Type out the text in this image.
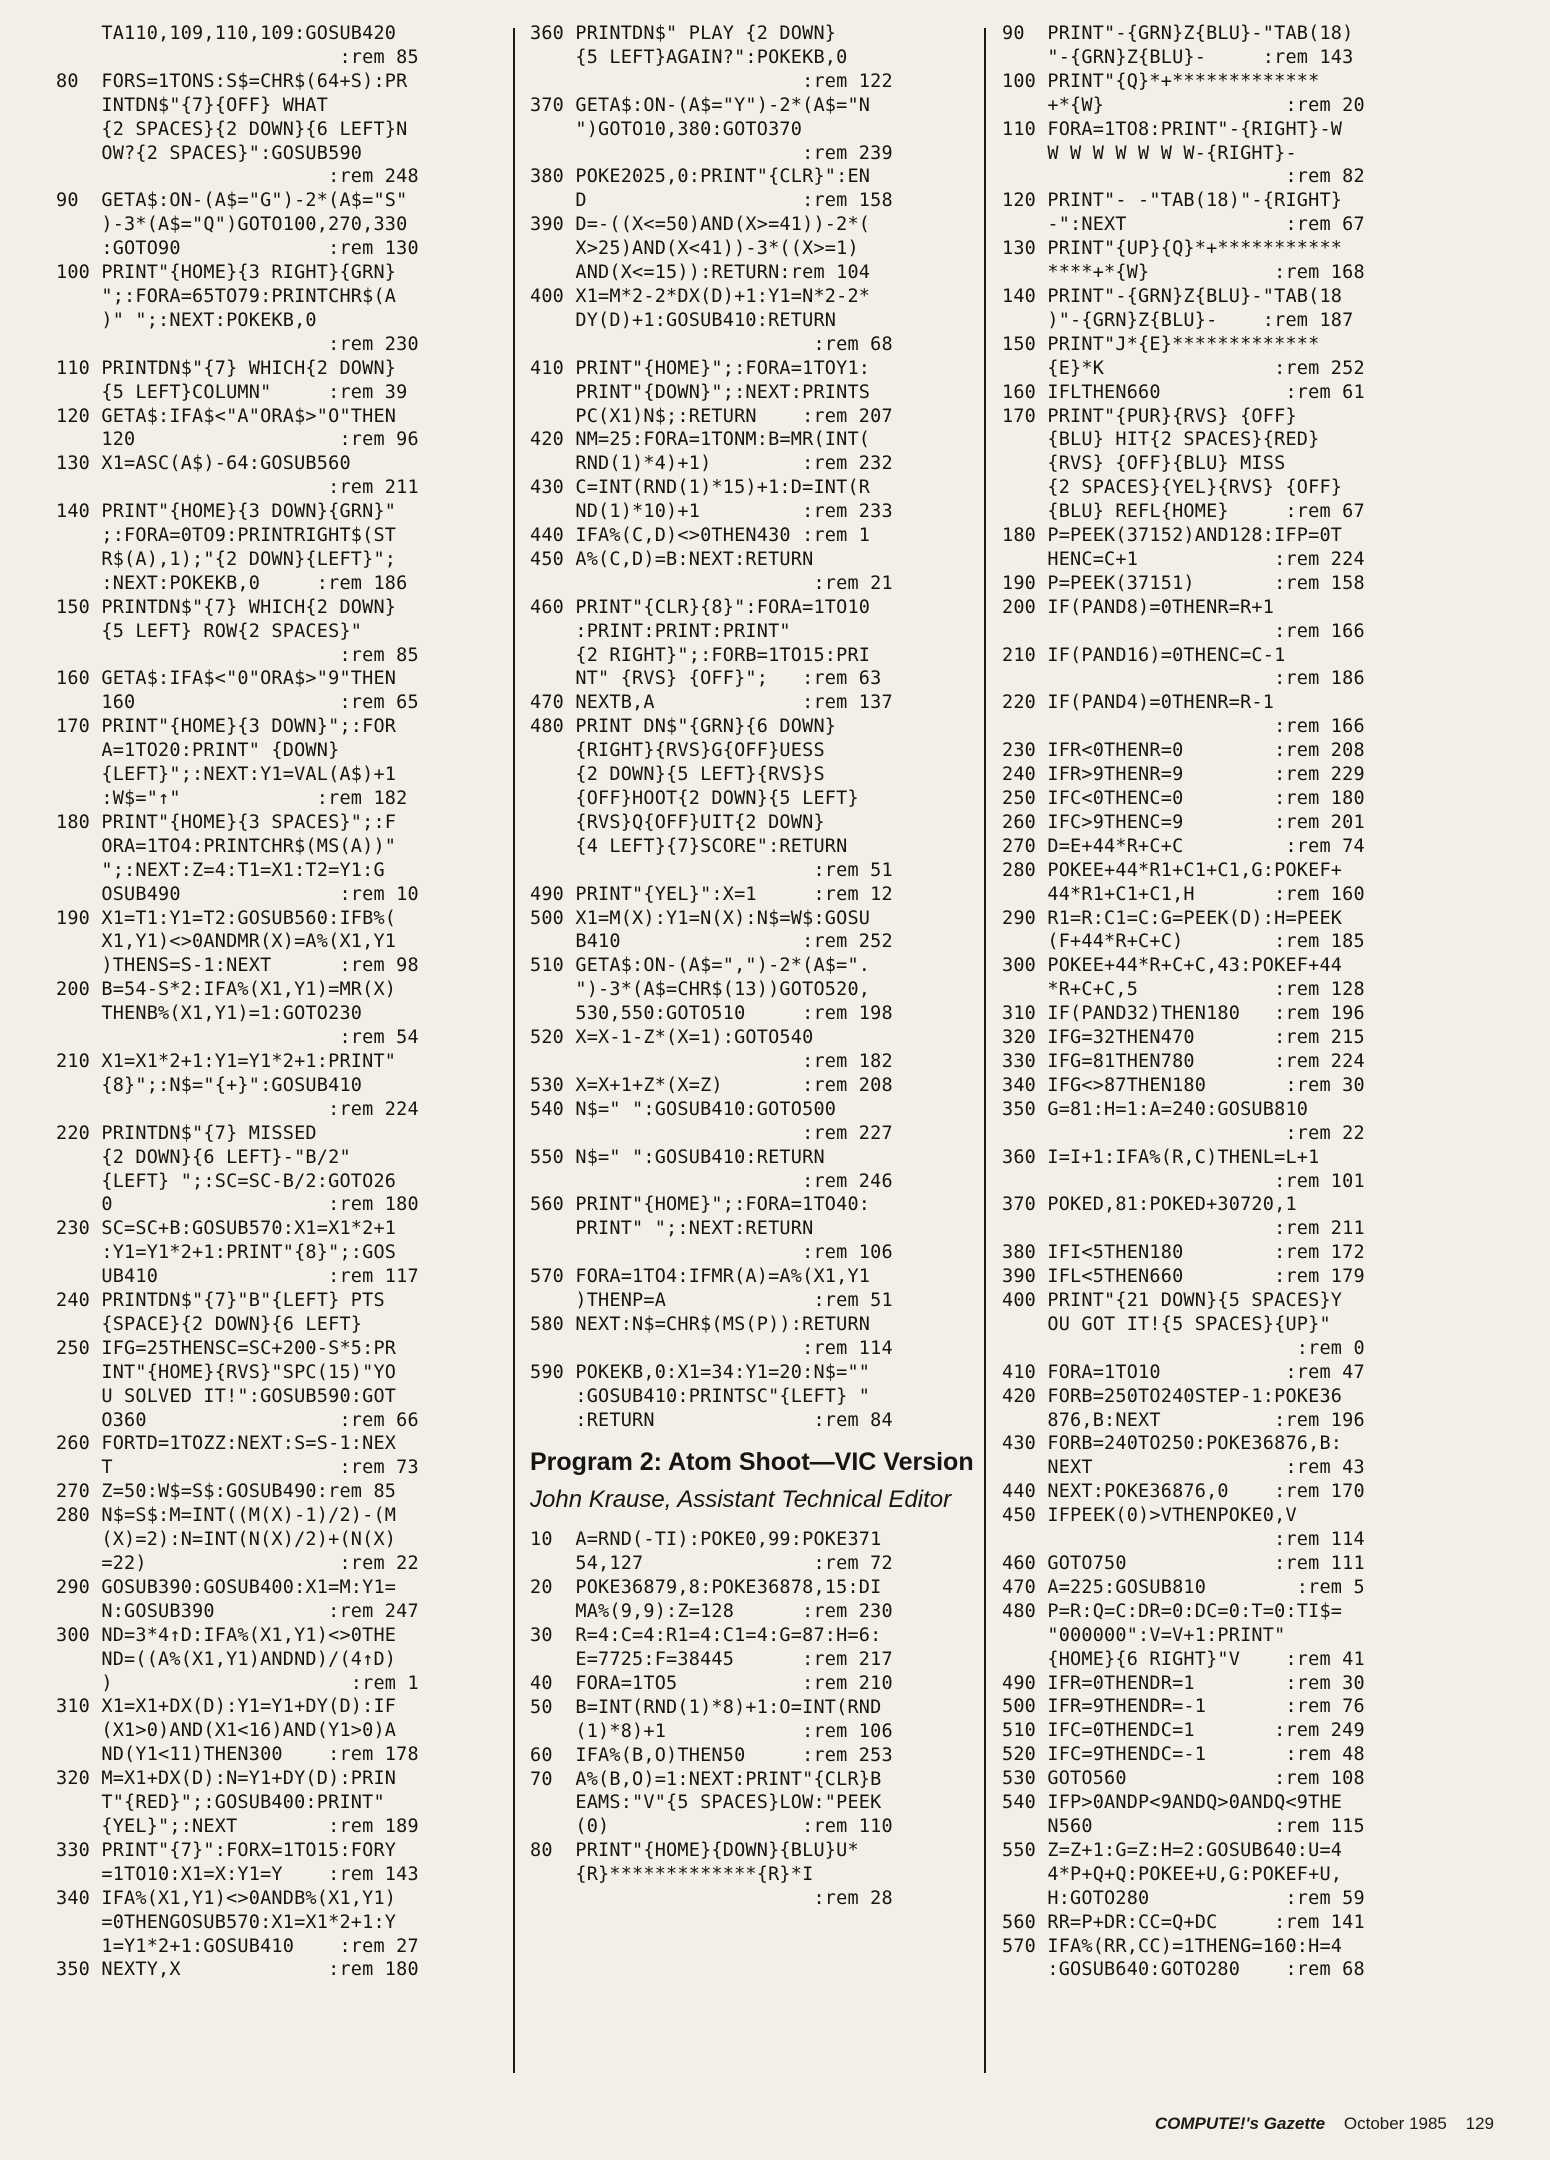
TA110,109,110,109:GOSUB420
:rem 85
80  FORS=1TONS:S$=CHR$(64+S):PR
INTDN$"{7}{OFF} WHAT
{2 SPACES}{2 DOWN}{6 LEFT}N
OW?{2 SPACES}":GOSUB590
:rem 248
90  GETA$:ON-(A$="G")-2*(A$="S"
)-3*(A$="Q")GOTO100,270,330
:GOTO90             :rem 130
100 PRINT"{HOME}{3 RIGHT}{GRN}
";:FORA=65TO79:PRINTCHR$(A
)" ";:NEXT:POKEKB,0
:rem 230
110 PRINTDN$"{7} WHICH{2 DOWN}
{5 LEFT}COLUMN"     :rem 39
120 GETA$:IFA$<"A"ORA$>"O"THEN
120                  :rem 96
130 X1=ASC(A$)-64:GOSUB560
:rem 211
140 PRINT"{HOME}{3 DOWN}{GRN}"
;:FORA=0TO9:PRINTRIGHT$(ST
R$(A),1);"{2 DOWN}{LEFT}";
:NEXT:POKEKB,0     :rem 186
150 PRINTDN$"{7} WHICH{2 DOWN}
{5 LEFT} ROW{2 SPACES}"
:rem 85
160 GETA$:IFA$<"0"ORA$>"9"THEN
160                  :rem 65
170 PRINT"{HOME}{3 DOWN}";:FOR
A=1TO20:PRINT" {DOWN}
{LEFT}";:NEXT:Y1=VAL(A$)+1
:W$="↑"            :rem 182
180 PRINT"{HOME}{3 SPACES}";:F
ORA=1TO4:PRINTCHR$(MS(A))"
";:NEXT:Z=4:T1=X1:T2=Y1:G
OSUB490              :rem 10
190 X1=T1:Y1=T2:GOSUB560:IFB%(
X1,Y1)<>0ANDMR(X)=A%(X1,Y1
)THENS=S-1:NEXT      :rem 98
200 B=54-S*2:IFA%(X1,Y1)=MR(X)
THENB%(X1,Y1)=1:GOTO230
:rem 54
210 X1=X1*2+1:Y1=Y1*2+1:PRINT"
{8}";:N$="{+}":GOSUB410
:rem 224
220 PRINTDN$"{7} MISSED
{2 DOWN}{6 LEFT}-"B/2"
{LEFT} ";:SC=SC-B/2:GOTO26
0                   :rem 180
230 SC=SC+B:GOSUB570:X1=X1*2+1
:Y1=Y1*2+1:PRINT"{8}";:GOS
UB410               :rem 117
240 PRINTDN$"{7}"B"{LEFT} PTS
{SPACE}{2 DOWN}{6 LEFT}
250 IFG=25THENSC=SC+200-S*5:PR
INT"{HOME}{RVS}"SPC(15)"YO
U SOLVED IT!":GOSUB590:GOT
O360                 :rem 66
260 FORTD=1TOZZ:NEXT:S=S-1:NEX
T                    :rem 73
270 Z=50:W$=S$:GOSUB490:rem 85
280 N$=S$:M=INT((M(X)-1)/2)-(M
(X)=2):N=INT(N(X)/2)+(N(X)
=22)                 :rem 22
290 GOSUB390:GOSUB400:X1=M:Y1=
N:GOSUB390          :rem 247
300 ND=3*4↑D:IFA%(X1,Y1)<>0THE
ND=((A%(X1,Y1)ANDND)/(4↑D)
)                     :rem 1
310 X1=X1+DX(D):Y1=Y1+DY(D):IF
(X1>0)AND(X1<16)AND(Y1>0)A
ND(Y1<11)THEN300    :rem 178
320 M=X1+DX(D):N=Y1+DY(D):PRIN
T"{RED}";:GOSUB400:PRINT"
{YEL}";:NEXT        :rem 189
330 PRINT"{7}":FORX=1TO15:FORY
=1TO10:X1=X:Y1=Y    :rem 143
340 IFA%(X1,Y1)<>0ANDB%(X1,Y1)
=0THENGOSUB570:X1=X1*2+1:Y
1=Y1*2+1:GOSUB410    :rem 27
350 NEXTY,X             :rem 180
360 PRINTDN$" PLAY {2 DOWN}
{5 LEFT}AGAIN?":POKEKB,0
:rem 122
370 GETA$:ON-(A$="Y")-2*(A$="N
")GOTO10,380:GOTO370
:rem 239
380 POKE2025,0:PRINT"{CLR}":EN
D                   :rem 158
390 D=-((X<=50)AND(X>=41))-2*(
X>25)AND(X<41))-3*((X>=1)
AND(X<=15)):RETURN:rem 104
400 X1=M*2-2*DX(D)+1:Y1=N*2-2*
DY(D)+1:GOSUB410:RETURN
:rem 68
410 PRINT"{HOME}";:FORA=1TOY1:
PRINT"{DOWN}";:NEXT:PRINTS
PC(X1)N$;:RETURN    :rem 207
420 NM=25:FORA=1TONM:B=MR(INT(
RND(1)*4)+1)        :rem 232
430 C=INT(RND(1)*15)+1:D=INT(R
ND(1)*10)+1         :rem 233
440 IFA%(C,D)<>0THEN430 :rem 1
450 A%(C,D)=B:NEXT:RETURN
:rem 21
460 PRINT"{CLR}{8}":FORA=1TO10
:PRINT:PRINT:PRINT"
{2 RIGHT}";:FORB=1TO15:PRI
NT" {RVS} {OFF}";   :rem 63
470 NEXTB,A             :rem 137
480 PRINT DN$"{GRN}{6 DOWN}
{RIGHT}{RVS}G{OFF}UESS
{2 DOWN}{5 LEFT}{RVS}S
{OFF}HOOT{2 DOWN}{5 LEFT}
{RVS}Q{OFF}UIT{2 DOWN}
{4 LEFT}{7}SCORE":RETURN
:rem 51
490 PRINT"{YEL}":X=1     :rem 12
500 X1=M(X):Y1=N(X):N$=W$:GOSU
B410                :rem 252
510 GETA$:ON-(A$=",")-2*(A$=".
")-3*(A$=CHR$(13))GOTO520,
530,550:GOTO510     :rem 198
520 X=X-1-Z*(X=1):GOTO540
:rem 182
530 X=X+1+Z*(X=Z)       :rem 208
540 N$=" ":GOSUB410:GOTO500
:rem 227
550 N$=" ":GOSUB410:RETURN
:rem 246
560 PRINT"{HOME}";:FORA=1TO40:
PRINT" ";:NEXT:RETURN
:rem 106
570 FORA=1TO4:IFMR(A)=A%(X1,Y1
)THENP=A             :rem 51
580 NEXT:N$=CHR$(MS(P)):RETURN
:rem 114
590 POKEKB,0:X1=34:Y1=20:N$=""
:GOSUB410:PRINTSC"{LEFT} "
:RETURN              :rem 84
Program 2: Atom Shoot—VIC Version
John Krause, Assistant Technical Editor
10  A=RND(-TI):POKE0,99:POKE371
54,127               :rem 72
20  POKE36879,8:POKE36878,15:DI
MA%(9,9):Z=128      :rem 230
30  R=4:C=4:R1=4:C1=4:G=87:H=6:
E=7725:F=38445      :rem 217
40  FORA=1TO5           :rem 210
50  B=INT(RND(1)*8)+1:O=INT(RND
(1)*8)+1            :rem 106
60  IFA%(B,O)THEN50     :rem 253
70  A%(B,O)=1:NEXT:PRINT"{CLR}B
EAMS:"V"{5 SPACES}LOW:"PEEK
(0)                 :rem 110
80  PRINT"{HOME}{DOWN}{BLU}U*
{R}*************{R}*I
:rem 28
90  PRINT"-{GRN}Z{BLU}-"TAB(18)
"-{GRN}Z{BLU}-     :rem 143
100 PRINT"{Q}*+*************
+*{W}                :rem 20
110 FORA=1TO8:PRINT"-{RIGHT}-W
W W W W W W W-{RIGHT}-
:rem 82
120 PRINT"- -"TAB(18)"-{RIGHT}
-":NEXT              :rem 67
130 PRINT"{UP}{Q}*+***********
****+*{W}           :rem 168
140 PRINT"-{GRN}Z{BLU}-"TAB(18
)"-{GRN}Z{BLU}-    :rem 187
150 PRINT"J*{E}*************
{E}*K               :rem 252
160 IFLTHEN660           :rem 61
170 PRINT"{PUR}{RVS} {OFF}
{BLU} HIT{2 SPACES}{RED}
{RVS} {OFF}{BLU} MISS
{2 SPACES}{YEL}{RVS} {OFF}
{BLU} REFL{HOME}     :rem 67
180 P=PEEK(37152)AND128:IFP=0T
HENC=C+1            :rem 224
190 P=PEEK(37151)       :rem 158
200 IF(PAND8)=0THENR=R+1
:rem 166
210 IF(PAND16)=0THENC=C-1
:rem 186
220 IF(PAND4)=0THENR=R-1
:rem 166
230 IFR<0THENR=0        :rem 208
240 IFR>9THENR=9        :rem 229
250 IFC<0THENC=0        :rem 180
260 IFC>9THENC=9        :rem 201
270 D=E+44*R+C+C         :rem 74
280 POKEE+44*R1+C1+C1,G:POKEF+
44*R1+C1+C1,H       :rem 160
290 R1=R:C1=C:G=PEEK(D):H=PEEK
(F+44*R+C+C)        :rem 185
300 POKEE+44*R+C+C,43:POKEF+44
*R+C+C,5            :rem 128
310 IF(PAND32)THEN180   :rem 196
320 IFG=32THEN470       :rem 215
330 IFG=81THEN780       :rem 224
340 IFG<>87THEN180       :rem 30
350 G=81:H=1:A=240:GOSUB810
:rem 22
360 I=I+1:IFA%(R,C)THENL=L+1
:rem 101
370 POKED,81:POKED+30720,1
:rem 211
380 IFI<5THEN180        :rem 172
390 IFL<5THEN660        :rem 179
400 PRINT"{21 DOWN}{5 SPACES}Y
OU GOT IT!{5 SPACES}{UP}"
:rem 0
410 FORA=1TO10           :rem 47
420 FORB=250TO240STEP-1:POKE36
876,B:NEXT          :rem 196
430 FORB=240TO250:POKE36876,B:
NEXT                 :rem 43
440 NEXT:POKE36876,0    :rem 170
450 IFPEEK(0)>VTHENPOKE0,V
:rem 114
460 GOTO750             :rem 111
470 A=225:GOSUB810        :rem 5
480 P=R:Q=C:DR=0:DC=0:T=0:TI$=
"000000":V=V+1:PRINT"
{HOME}{6 RIGHT}"V    :rem 41
490 IFR=0THENDR=1        :rem 30
500 IFR=9THENDR=-1       :rem 76
510 IFC=0THENDC=1       :rem 249
520 IFC=9THENDC=-1       :rem 48
530 GOTO560             :rem 108
540 IFP>0ANDP<9ANDQ>0ANDQ<9THE
N560                :rem 115
550 Z=Z+1:G=Z:H=2:GOSUB640:U=4
4*P+Q+Q:POKEE+U,G:POKEF+U,
H:GOTO280            :rem 59
560 RR=P+DR:CC=Q+DC     :rem 141
570 IFA%(RR,CC)=1THENG=160:H=4
:GOSUB640:GOTO280    :rem 68
COMPUTE!'s Gazette October 1985 129
